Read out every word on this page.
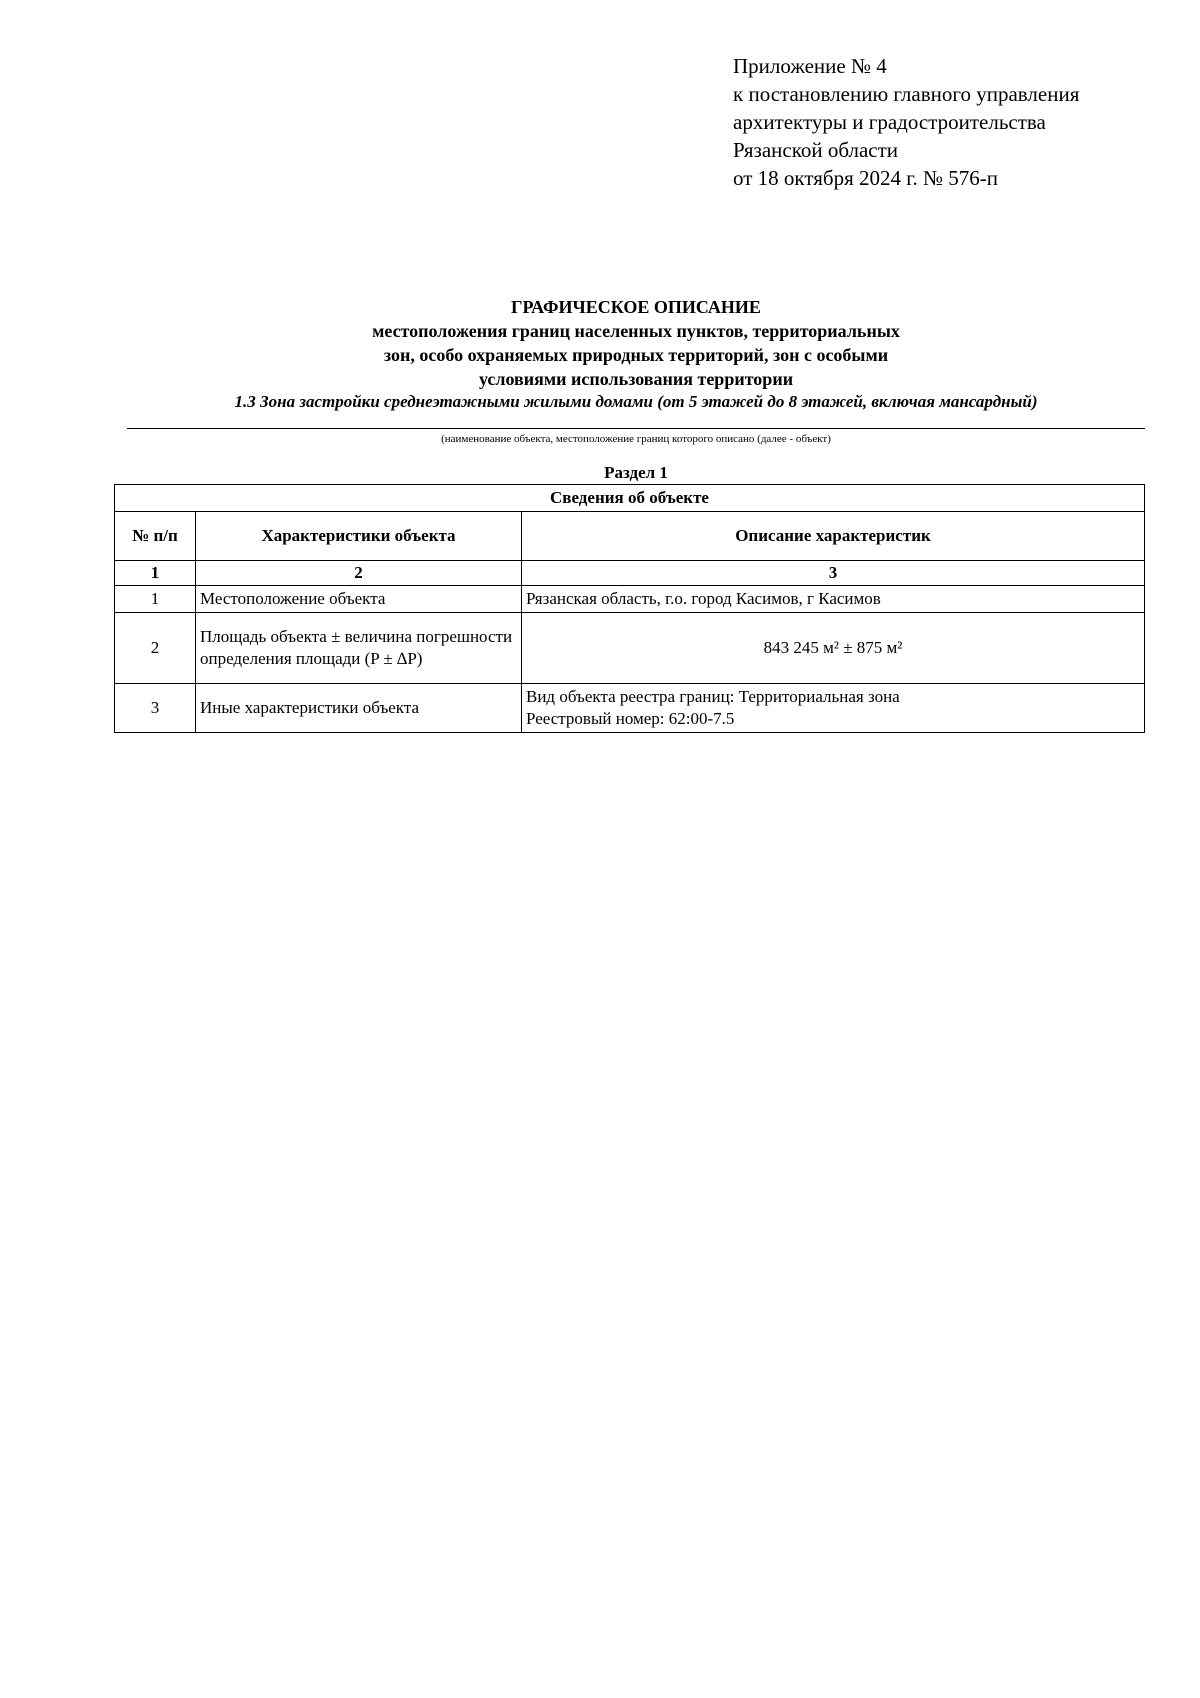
Приложение № 4
к постановлению главного управления
архитектуры и градостроительства
Рязанской области
от 18 октября 2024 г. № 576-п
ГРАФИЧЕСКОЕ ОПИСАНИЕ
местоположения границ населенных пунктов, территориальных
зон, особо охраняемых природных территорий, зон с особыми
условиями использования территории
1.3 Зона застройки среднеэтажными жилыми домами (от 5 этажей до 8 этажей, включая мансардный)
(наименование объекта, местоположение границ которого описано (далее - объект)
Раздел 1
Сведения об объекте		
№ п/п	Характеристики объекта	Описание характеристик
1	2	3
1	Местоположение объекта	Рязанская область, г.о. город Касимов, г Касимов

2	Площадь объекта ± величина погрешности определения площади (P ± ∆P)	843 245 м² ± 875 м²

3	Иные характеристики объекта	Вид объекта реестра границ: Территориальная зона
Реестровый номер: 62:00-7.5
